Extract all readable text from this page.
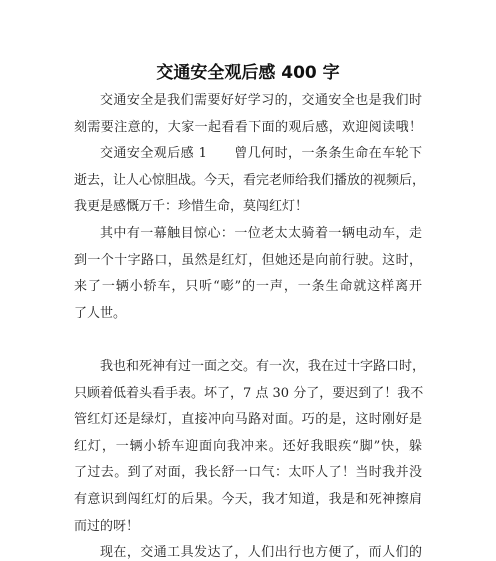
交通安全观后感 400 字
交通安全是我们需要好好学习的，交通安全也是我们时
刻需要注意的，大家一起看看下面的观后感，欢迎阅读哦！
交通安全观后感 1　　曾几何时，一条条生命在车轮下
逝去，让人心惊胆战。今天，看完老师给我们播放的视频后，
我更是感慨万千：珍惜生命，莫闯红灯！
其中有一幕触目惊心：一位老太太骑着一辆电动车，走
到一个十字路口，虽然是红灯，但她还是向前行驶。这时，
来了一辆小轿车，只听“嘭”的一声，一条生命就这样离开
了人世。
我也和死神有过一面之交。有一次，我在过十字路口时，
只顾着低着头看手表。坏了，7 点 30 分了，要迟到了！我不
管红灯还是绿灯，直接冲向马路对面。巧的是，这时刚好是
红灯，一辆小轿车迎面向我冲来。还好我眼疾“脚”快，躲
了过去。到了对面，我长舒一口气：太吓人了！当时我并没
有意识到闯红灯的后果。今天，我才知道，我是和死神擦肩
而过的呀！
现在，交通工具发达了，人们出行也方便了，而人们的
